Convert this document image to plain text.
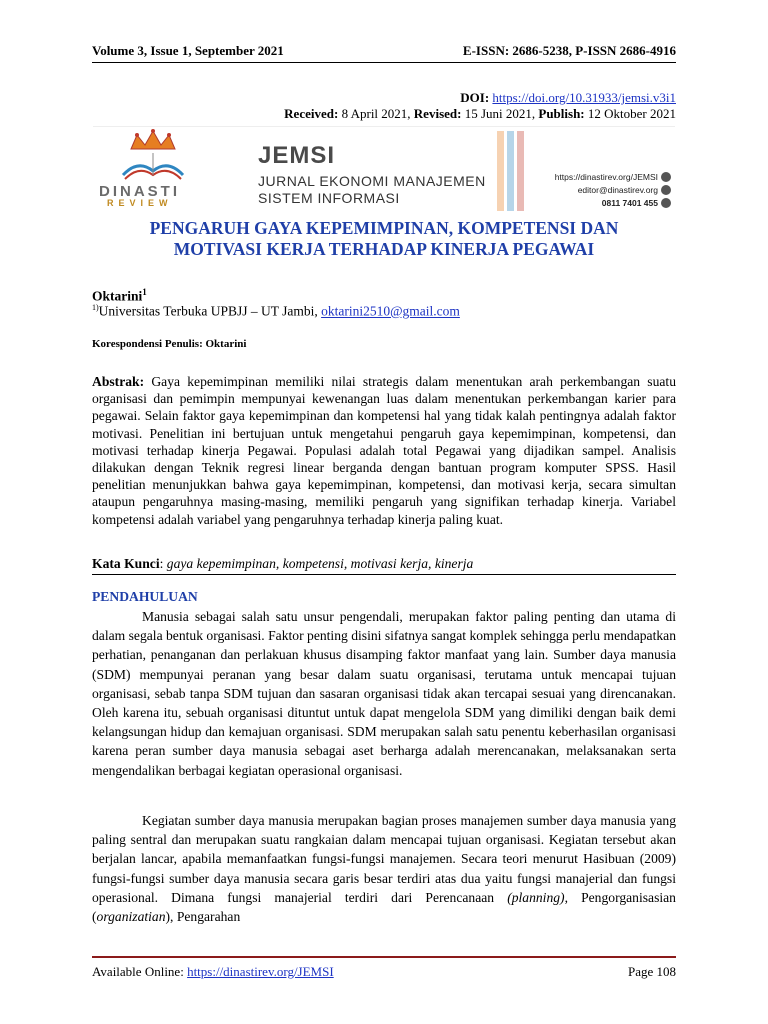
Volume 3, Issue 1, September 2021	E-ISSN: 2686-5238, P-ISSN 2686-4916
DOI: https://doi.org/10.31933/jemsi.v3i1
Received: 8 April 2021, Revised: 15 Juni 2021, Publish: 12 Oktober 2021
DINASTI
REVIEW
JEMSI
JURNAL EKONOMI MANAJEMEN
SISTEM INFORMASI
https://dinastirev.org/JEMSI
editor@dinastirev.org
0811 7401 455
PENGARUH GAYA KEPEMIMPINAN, KOMPETENSI DAN
MOTIVASI KERJA TERHADAP KINERJA PEGAWAI
Oktarini$^1$
$^{1)}$Universitas Terbuka UPBJJ – UT Jambi, oktarini2510@gmail.com
Korespondensi Penulis: Oktarini
Abstrak: Gaya kepemimpinan memiliki nilai strategis dalam menentukan arah perkembangan suatu organisasi dan pemimpin mempunyai kewenangan luas dalam menentukan perkembangan karier para pegawai. Selain faktor gaya kepemimpinan dan kompetensi hal yang tidak kalah pentingnya adalah faktor motivasi. Penelitian ini bertujuan untuk mengetahui pengaruh gaya kepemimpinan, kompetensi, dan motivasi terhadap kinerja Pegawai. Populasi adalah total Pegawai yang dijadikan sampel. Analisis dilakukan dengan Teknik regresi linear berganda dengan bantuan program komputer SPSS. Hasil penelitian menunjukkan bahwa gaya kepemimpinan, kompetensi, dan motivasi kerja, secara simultan ataupun pengaruhnya masing-masing, memiliki pengaruh yang signifikan terhadap kinerja. Variabel kompetensi adalah variabel yang pengaruhnya terhadap kinerja paling kuat.
Kata Kunci: gaya kepemimpinan, kompetensi, motivasi kerja, kinerja
PENDAHULUAN

Manusia sebagai salah satu unsur pengendali, merupakan faktor paling penting dan utama di dalam segala bentuk organisasi. Faktor penting disini sifatnya sangat komplek sehingga perlu mendapatkan perhatian, penanganan dan perlakuan khusus disamping faktor manfaat yang lain. Sumber daya manusia (SDM) mempunyai peranan yang besar dalam suatu organisasi, terutama untuk mencapai tujuan organisasi, sebab tanpa SDM tujuan dan sasaran organisasi tidak akan tercapai sesuai yang direncanakan. Oleh karena itu, sebuah organisasi dituntut untuk dapat mengelola SDM yang dimiliki dengan baik demi kelangsungan hidup dan kemajuan organisasi. SDM merupakan salah satu penentu keberhasilan organisasi karena peran sumber daya manusia sebagai aset berharga adalah merencanakan, melaksanakan serta mengendalikan berbagai kegiatan operasional organisasi.

Kegiatan sumber daya manusia merupakan bagian proses manajemen sumber daya manusia yang paling sentral dan merupakan suatu rangkaian dalam mencapai tujuan organisasi. Kegiatan tersebut akan berjalan lancar, apabila memanfaatkan fungsi-fungsi manajemen. Secara teori menurut Hasibuan (2009) fungsi-fungsi sumber daya manusia secara garis besar terdiri atas dua yaitu fungsi manajerial dan fungsi operasional. Dimana fungsi manajerial terdiri dari Perencanaan (planning), Pengorganisasian (organizatian), Pengarahan

Available Online: https://dinastirev.org/JEMSI	Page 108
